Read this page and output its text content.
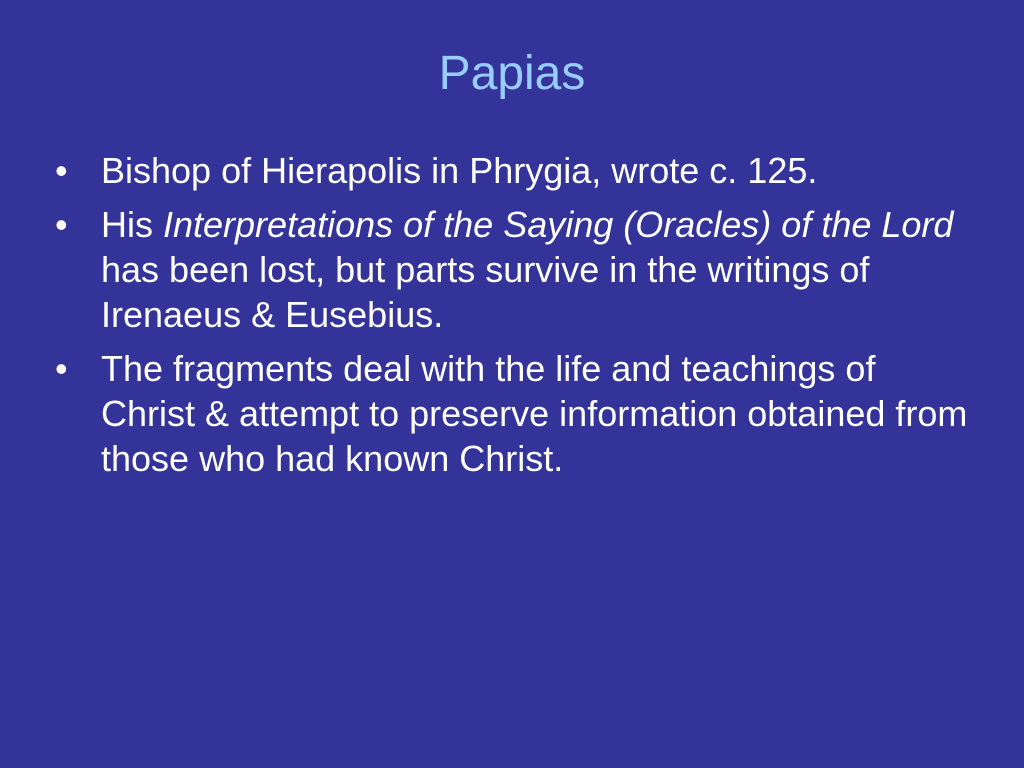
Papias
• Bishop of Hierapolis in Phrygia, wrote c. 125.
• His Interpretations of the Saying (Oracles) of the Lord has been lost, but parts survive in the writings of Irenaeus & Eusebius.
• The fragments deal with the life and teachings of Christ & attempt to preserve information obtained from those who had known Christ.
